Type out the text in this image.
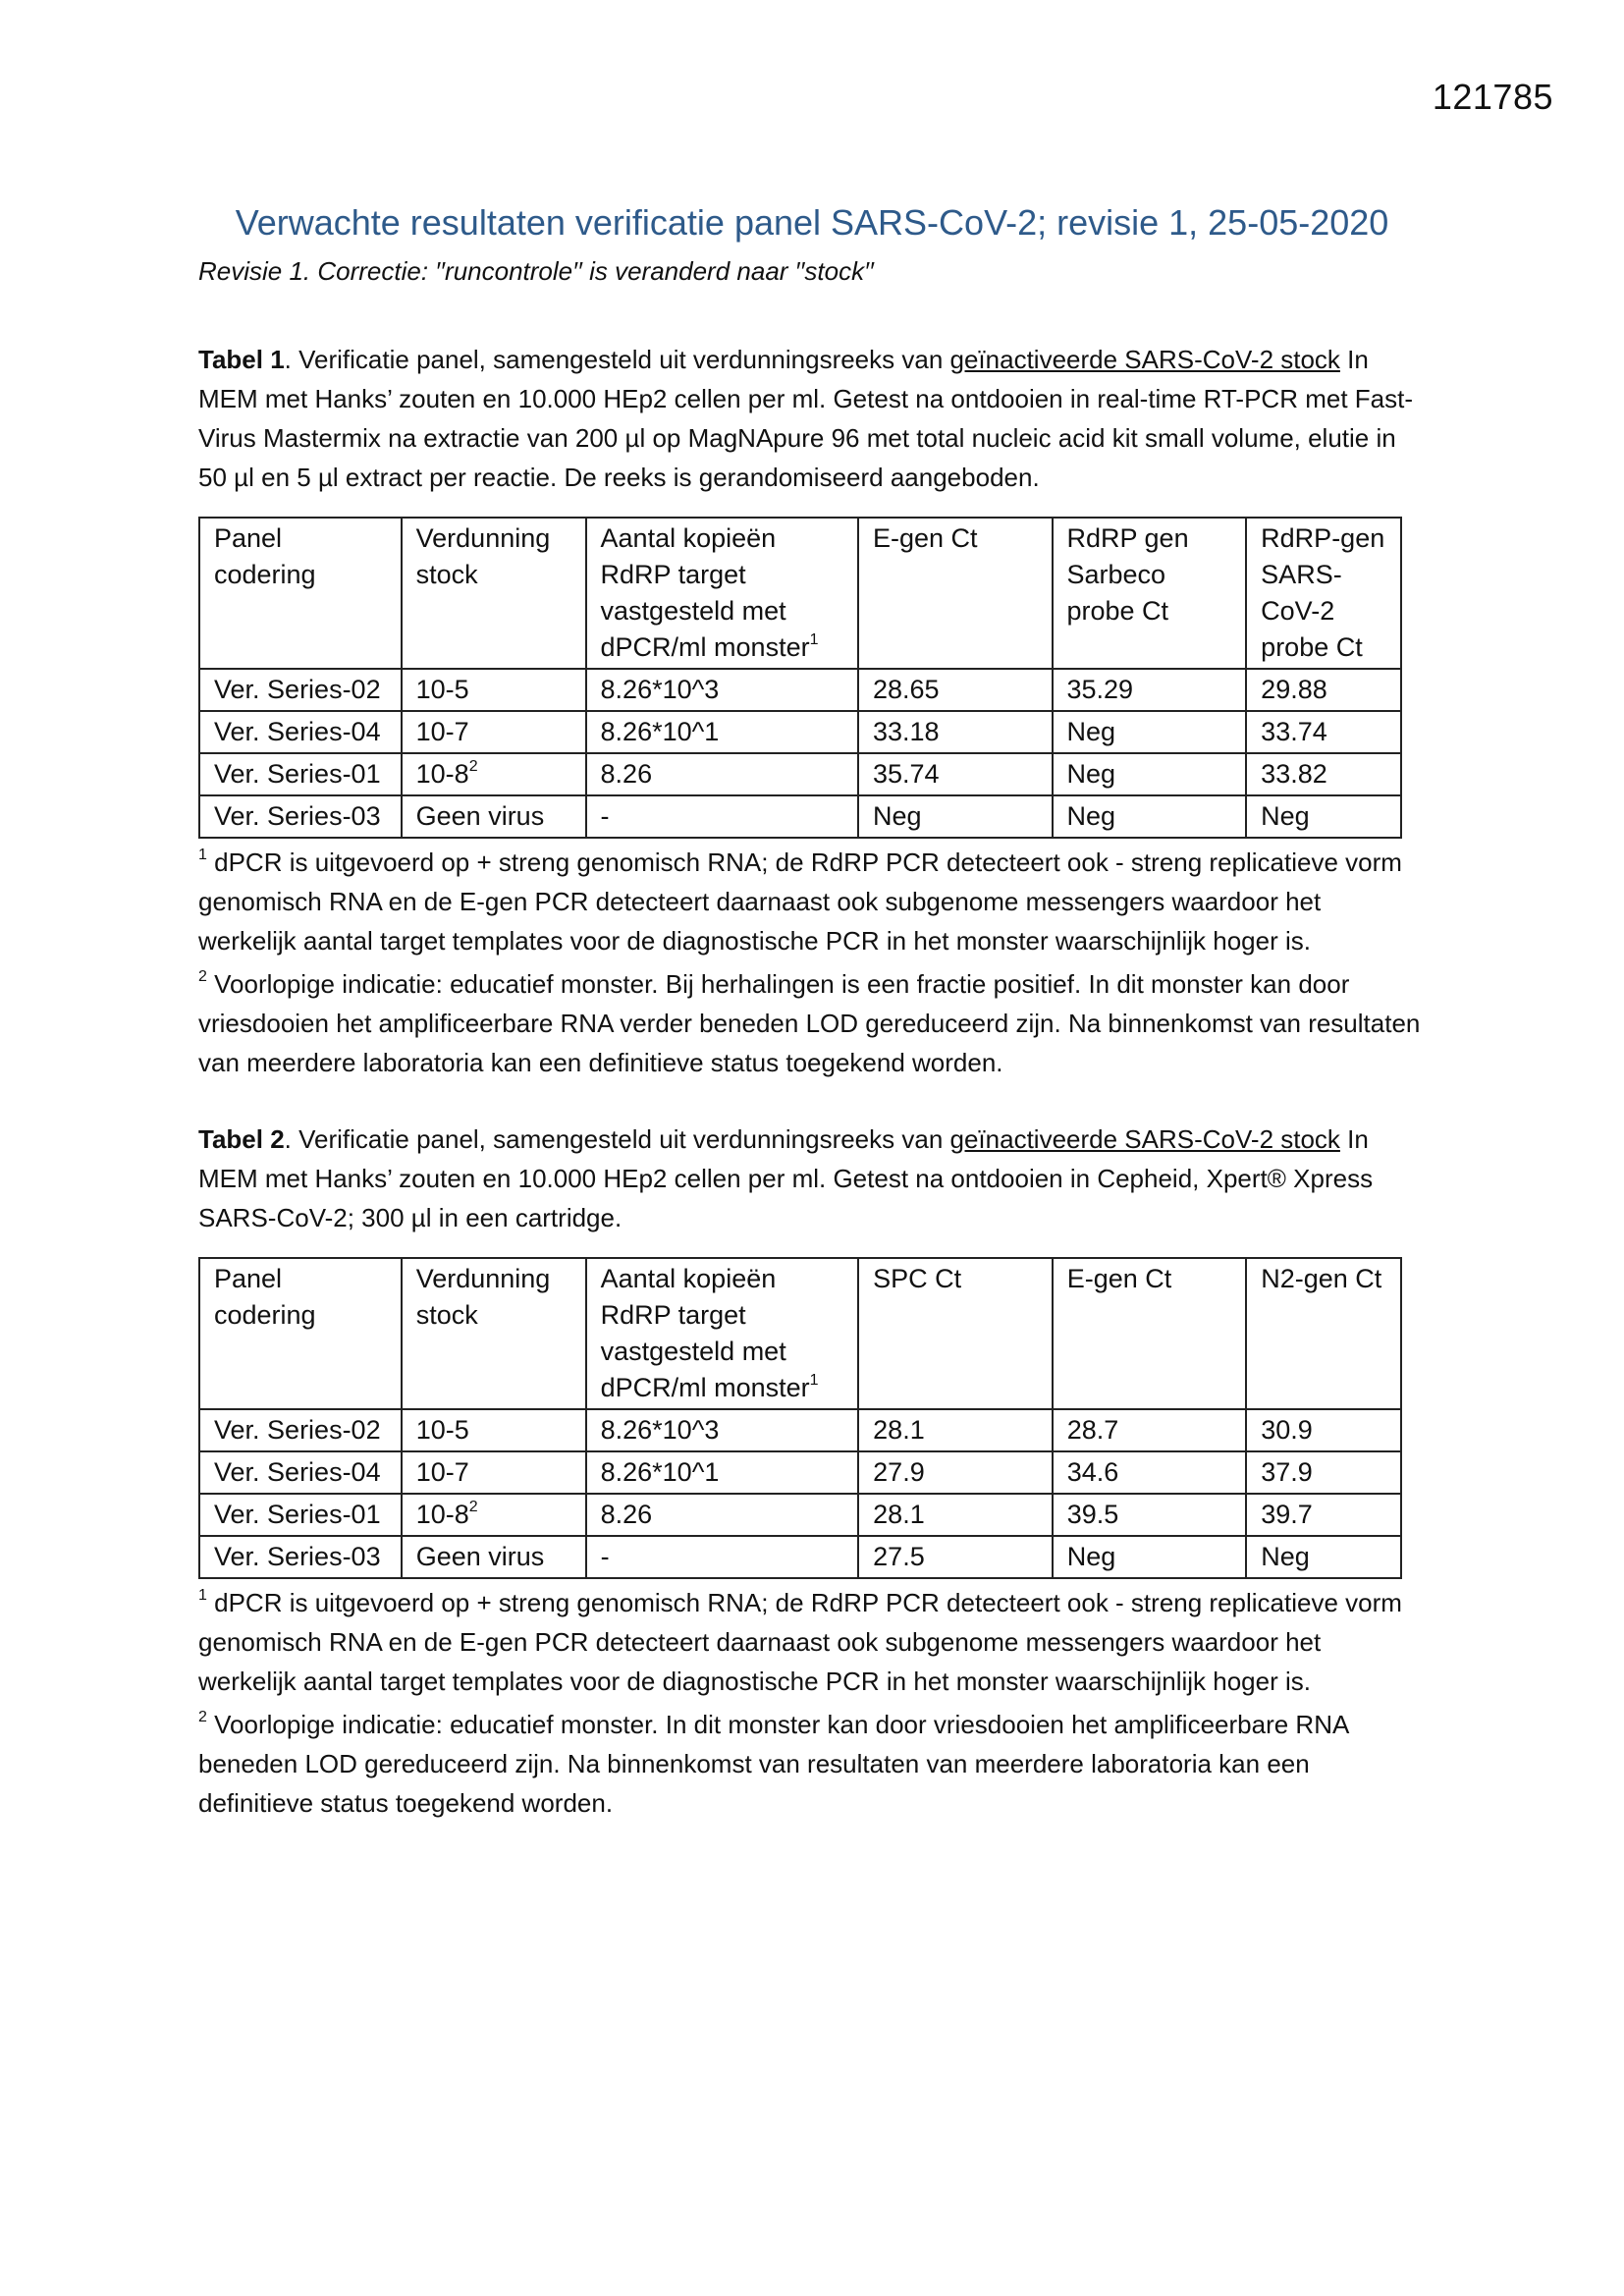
121785
Verwachte resultaten verificatie panel SARS-CoV-2; revisie 1, 25-05-2020

Revisie 1. Correctie: ′′runcontrole′′ is veranderd naar ′′stock′′

Tabel 1. Verificatie panel, samengesteld uit verdunningsreeks van geïnactiveerde SARS-CoV-2 stock In MEM met Hanks’ zouten en 10.000 HEp2 cellen per ml. Getest na ontdooien in real-time RT-PCR met Fast-Virus Mastermix na extractie van 200 µl op MagNApure 96 met total nucleic acid kit small volume, elutie in 50 µl en 5 µl extract per reactie. De reeks is gerandomiseerd aangeboden.

Panel codering	Verdunning stock	Aantal kopieën RdRP target vastgesteld met dPCR/ml monster$^1$	E-gen Ct	RdRP gen Sarbeco probe Ct	RdRP-gen SARS-CoV-2 probe Ct
Ver. Series-02	10-5	8.26*10^3	28.65	35.29	29.88
Ver. Series-04	10-7	8.26*10^1	33.18	Neg	33.74
Ver. Series-01	$10-8^2$	8.26	35.74	Neg	33.82
Ver. Series-03	Geen virus	-	Neg	Neg	Neg

$^1$ dPCR is uitgevoerd op + streng genomisch RNA; de RdRP PCR detecteert ook - streng replicatieve vorm genomisch RNA en de E-gen PCR detecteert daarnaast ook subgenome messengers waardoor het werkelijk aantal target templates voor de diagnostische PCR in het monster waarschijnlijk hoger is.

$^2$ Voorlopige indicatie: educatief monster. Bij herhalingen is een fractie positief. In dit monster kan door vriesdooien het amplificeerbare RNA verder beneden LOD gereduceerd zijn. Na binnenkomst van resultaten van meerdere laboratoria kan een definitieve status toegekend worden.

Tabel 2. Verificatie panel, samengesteld uit verdunningsreeks van geïnactiveerde SARS-CoV-2 stock In MEM met Hanks’ zouten en 10.000 HEp2 cellen per ml. Getest na ontdooien in Cepheid, Xpert® Xpress SARS-CoV-2; 300 µl in een cartridge.

Panel codering	Verdunning stock	Aantal kopieën RdRP target vastgesteld met dPCR/ml monster$^1$	SPC Ct	E-gen Ct	N2-gen Ct
Ver. Series-02	10-5	8.26*10^3	28.1	28.7	30.9
Ver. Series-04	10-7	8.26*10^1	27.9	34.6	37.9
Ver. Series-01	$10-8^2$	8.26	28.1	39.5	39.7
Ver. Series-03	Geen virus	-	27.5	Neg	Neg

$^1$ dPCR is uitgevoerd op + streng genomisch RNA; de RdRP PCR detecteert ook - streng replicatieve vorm genomisch RNA en de E-gen PCR detecteert daarnaast ook subgenome messengers waardoor het werkelijk aantal target templates voor de diagnostische PCR in het monster waarschijnlijk hoger is.

$^2$ Voorlopige indicatie: educatief monster. In dit monster kan door vriesdooien het amplificeerbare RNA beneden LOD gereduceerd zijn. Na binnenkomst van resultaten van meerdere laboratoria kan een definitieve status toegekend worden.
